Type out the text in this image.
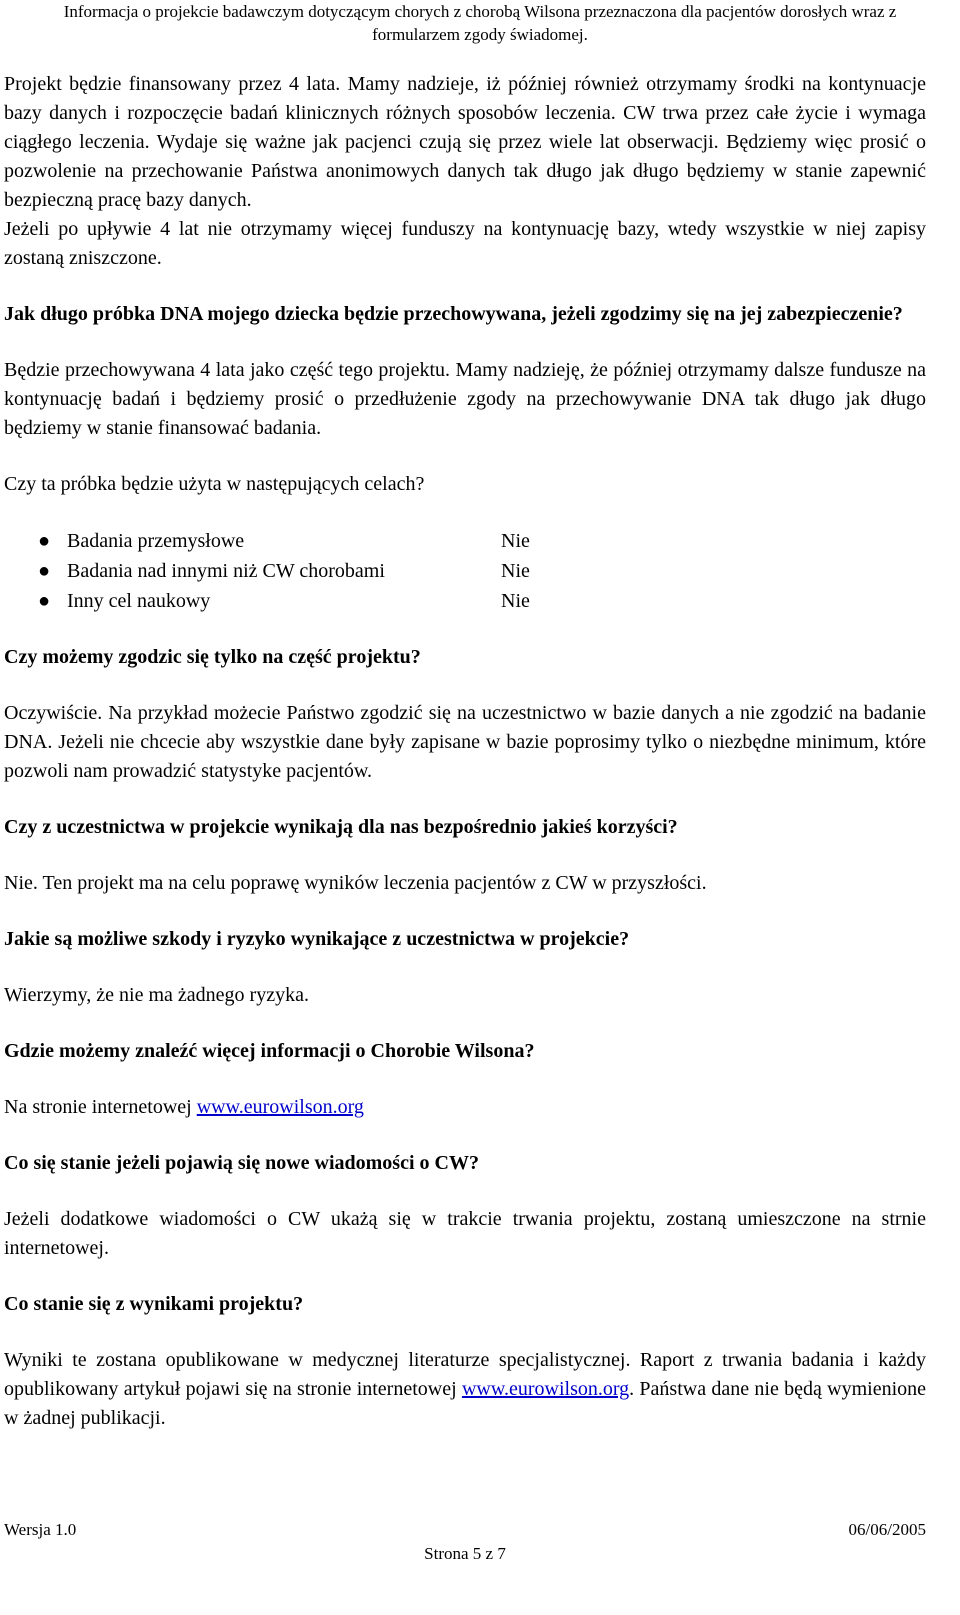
Informacja o projekcie badawczym dotyczącym chorych z chorobą Wilsona przeznaczona dla pacjentów dorosłych wraz z
formularzem zgody świadomej.

Projekt będzie finansowany przez 4 lata. Mamy nadzieje, iż później również otrzymamy środki na kontynuacje bazy danych i rozpoczęcie badań klinicznych różnych sposobów leczenia. CW trwa przez całe życie i wymaga ciągłego leczenia. Wydaje się ważne jak pacjenci czują się przez wiele lat obserwacji. Będziemy więc prosić o pozwolenie na przechowanie Państwa anonimowych danych tak długo jak długo będziemy w stanie zapewnić bezpieczną pracę bazy danych.

Jeżeli po upływie 4 lat nie otrzymamy więcej funduszy na kontynuację bazy, wtedy wszystkie w niej zapisy zostaną zniszczone.

Jak długo próbka DNA mojego dziecka będzie przechowywana, jeżeli zgodzimy się na jej zabezpieczenie?

Będzie przechowywana 4 lata jako część tego projektu. Mamy nadzieję, że później otrzymamy dalsze fundusze na kontynuację badań i będziemy prosić o przedłużenie zgody na przechowywanie DNA tak długo jak długo będziemy w stanie finansować badania.

Czy ta próbka będzie użyta w następujących celach?

● Badania przemysłowe	Nie
● Badania nad innymi niż CW chorobami	Nie
● Inny cel naukowy	Nie

Czy możemy zgodzic się tylko na część projektu?

Oczywiście. Na przykład możecie Państwo zgodzić się na uczestnictwo w bazie danych a nie zgodzić na badanie DNA. Jeżeli nie chcecie aby wszystkie dane były zapisane w bazie poprosimy tylko o niezbędne minimum, które pozwoli nam prowadzić statystyke pacjentów.

Czy z uczestnictwa w projekcie wynikają dla nas bezpośrednio jakieś korzyści?

Nie. Ten projekt ma na celu poprawę wyników leczenia pacjentów z CW w przyszłości.

Jakie są możliwe szkody i ryzyko wynikające z uczestnictwa w projekcie?

Wierzymy, że nie ma żadnego ryzyka.

Gdzie możemy znaleźć więcej informacji o Chorobie Wilsona?

Na stronie internetowej www.eurowilson.org

Co się stanie jeżeli pojawią się nowe wiadomości o CW?

Jeżeli dodatkowe wiadomości o CW ukażą się w trakcie trwania projektu, zostaną umieszczone na strnie internetowej.

Co stanie się z wynikami projektu?

Wyniki te zostana opublikowane w medycznej literaturze specjalistycznej. Raport z trwania badania i każdy opublikowany artykuł pojawi się na stronie internetowej www.eurowilson.org. Państwa dane nie będą wymienione w żadnej publikacji.

Wersja 1.0	06/06/2005
Strona 5 z 7
